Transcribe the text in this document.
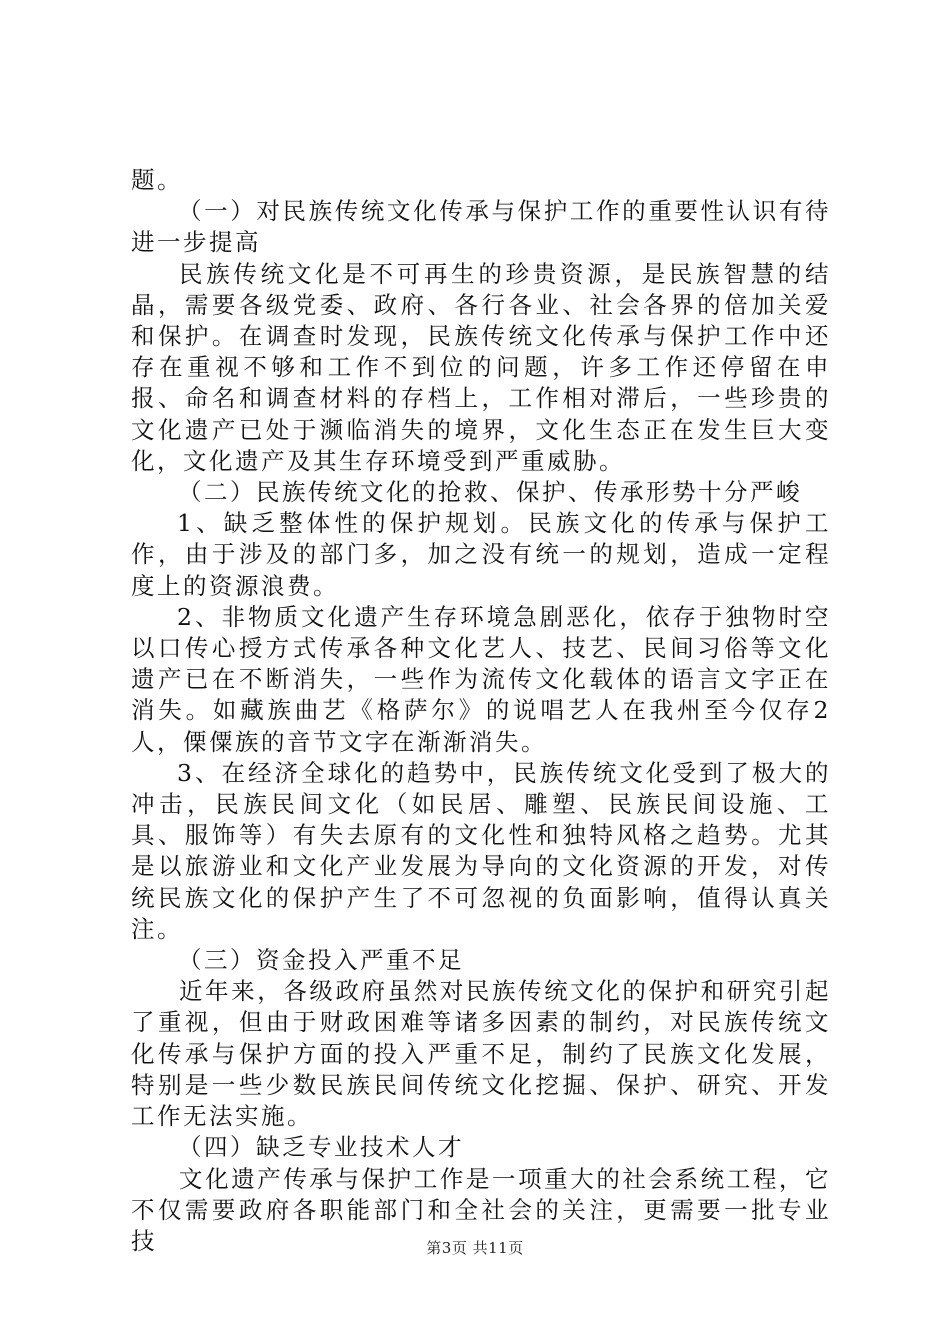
题。

（一）对民族传统文化传承与保护工作的重要性认识有待进一步提高

民族传统文化是不可再生的珍贵资源，是民族智慧的结晶，需要各级党委、政府、各行各业、社会各界的倍加关爱和保护。在调查时发现，民族传统文化传承与保护工作中还存在重视不够和工作不到位的问题，许多工作还停留在申报、命名和调查材料的存档上，工作相对滞后，一些珍贵的文化遗产已处于濒临消失的境界，文化生态正在发生巨大变化，文化遗产及其生存环境受到严重威胁。

（二）民族传统文化的抢救、保护、传承形势十分严峻

1、缺乏整体性的保护规划。民族文化的传承与保护工作，由于涉及的部门多，加之没有统一的规划，造成一定程度上的资源浪费。

2、非物质文化遗产生存环境急剧恶化，依存于独物时空以口传心授方式传承各种文化艺人、技艺、民间习俗等文化遗产已在不断消失，一些作为流传文化载体的语言文字正在消失。如藏族曲艺《格萨尔》的说唱艺人在我州至今仅存2人，傈僳族的音节文字在渐渐消失。

3、在经济全球化的趋势中，民族传统文化受到了极大的冲击，民族民间文化（如民居、雕塑、民族民间设施、工具、服饰等）有失去原有的文化性和独特风格之趋势。尤其是以旅游业和文化产业发展为导向的文化资源的开发，对传统民族文化的保护产生了不可忽视的负面影响，值得认真关注。

（三）资金投入严重不足

近年来，各级政府虽然对民族传统文化的保护和研究引起了重视，但由于财政困难等诸多因素的制约，对民族传统文化传承与保护方面的投入严重不足，制约了民族文化发展，特别是一些少数民族民间传统文化挖掘、保护、研究、开发工作无法实施。

（四）缺乏专业技术人才

文化遗产传承与保护工作是一项重大的社会系统工程，它不仅需要政府各职能部门和全社会的关注，更需要一批专业技	第3页 共11页
